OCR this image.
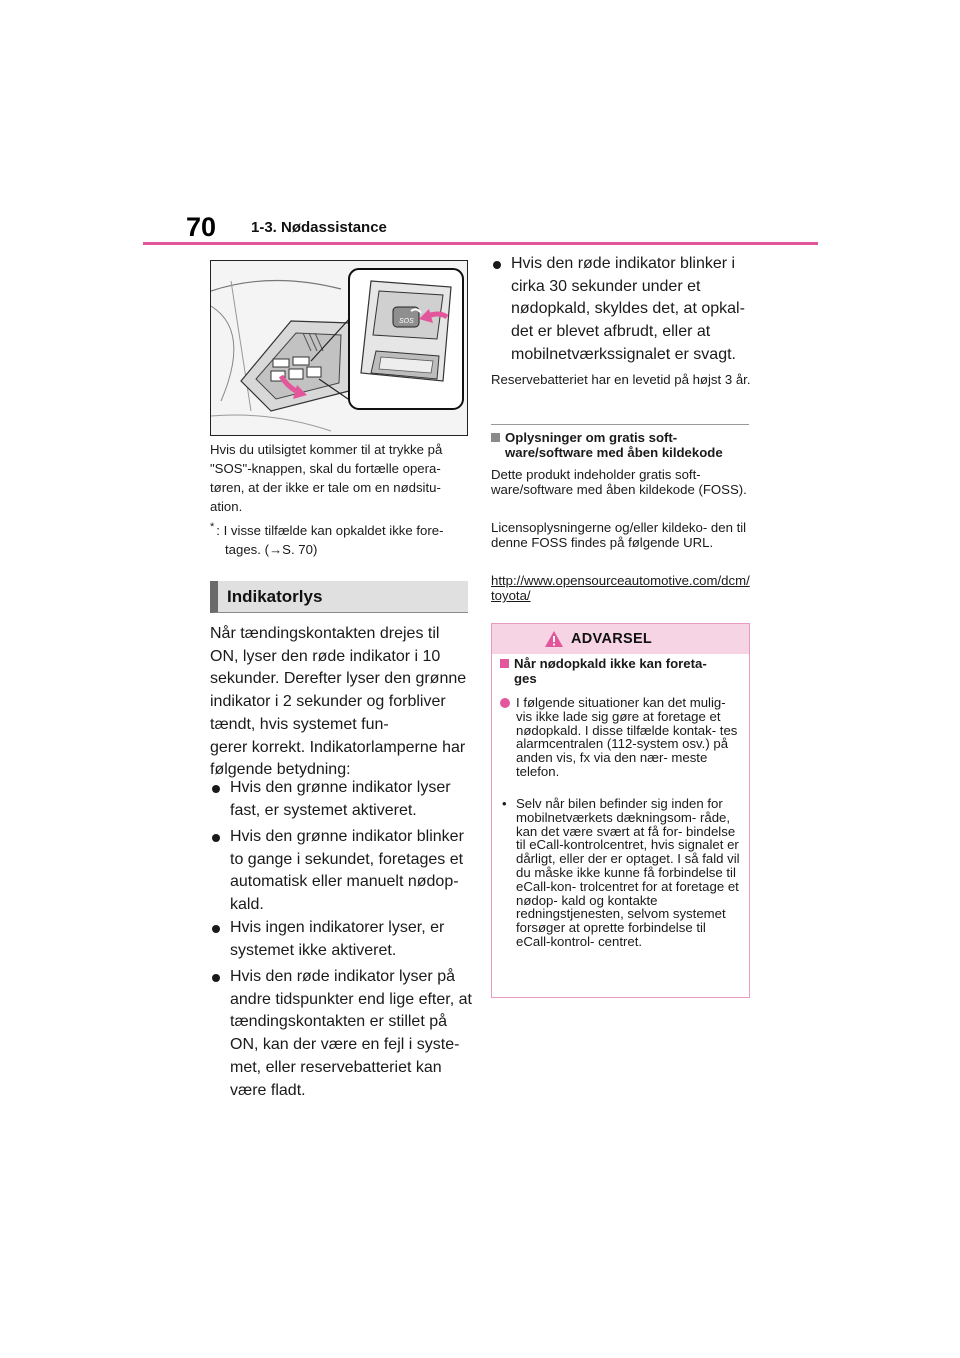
70 1-3. Nødassistance
SOS
Hvis du utilsigtet kommer til at trykke på "SOS"-knappen, skal du fortælle opera-
tøren, at der ikke er tale om en nødsitu-
ation.
* : I visse tilfælde kan opkaldet ikke fore-
tages. (→S. 70)
Indikatorlys
Når tændingskontakten drejes til ON, lyser den røde indikator i 10 sekunder. Derefter lyser den grønne indikator i 2 sekunder og forbliver tændt, hvis systemet fun-
gerer korrekt. Indikatorlamperne har følgende betydning:
Hvis den grønne indikator lyser fast, er systemet aktiveret.
Hvis den grønne indikator blinker to gange i sekundet, foretages et automatisk eller manuelt nødop-
kald.
Hvis ingen indikatorer lyser, er systemet ikke aktiveret.
Hvis den røde indikator lyser på andre tidspunkter end lige efter, at tændingskontakten er stillet på ON, kan der være en fejl i syste-
met, eller reservebatteriet kan være fladt.
Hvis den røde indikator blinker i cirka 30 sekunder under et nødopkald, skyldes det, at opkal-
det er blevet afbrudt, eller at mobilnetværkssignalet er svagt.
Reservebatteriet har en levetid på højst 3 år.
Oplysninger om gratis soft-
ware/software med åben kildekode
Dette produkt indeholder gratis soft- ware/software med åben kildekode (FOSS).
Licensoplysningerne og/eller kildeko- den til denne FOSS findes på følgende URL.
http://www.opensourceautomotive.com/dcm/toyota/
ADVARSEL
Når nødopkald ikke kan foreta-
ges
I følgende situationer kan det mulig- vis ikke lade sig gøre at foretage et nødopkald. I disse tilfælde kontak- tes alarmcentralen (112-system osv.) på anden vis, fx via den nær- meste telefon.
• Selv når bilen befinder sig inden for mobilnetværkets dækningsom- råde, kan det være svært at få for- bindelse til eCall-kontrolcentret, hvis signalet er dårligt, eller der er optaget. I så fald vil du måske ikke kunne få forbindelse til eCall-kon- trolcentret for at foretage et nødop- kald og kontakte redningstjenesten, selvom systemet forsøger at oprette forbindelse til eCall-kontrol- centret.
